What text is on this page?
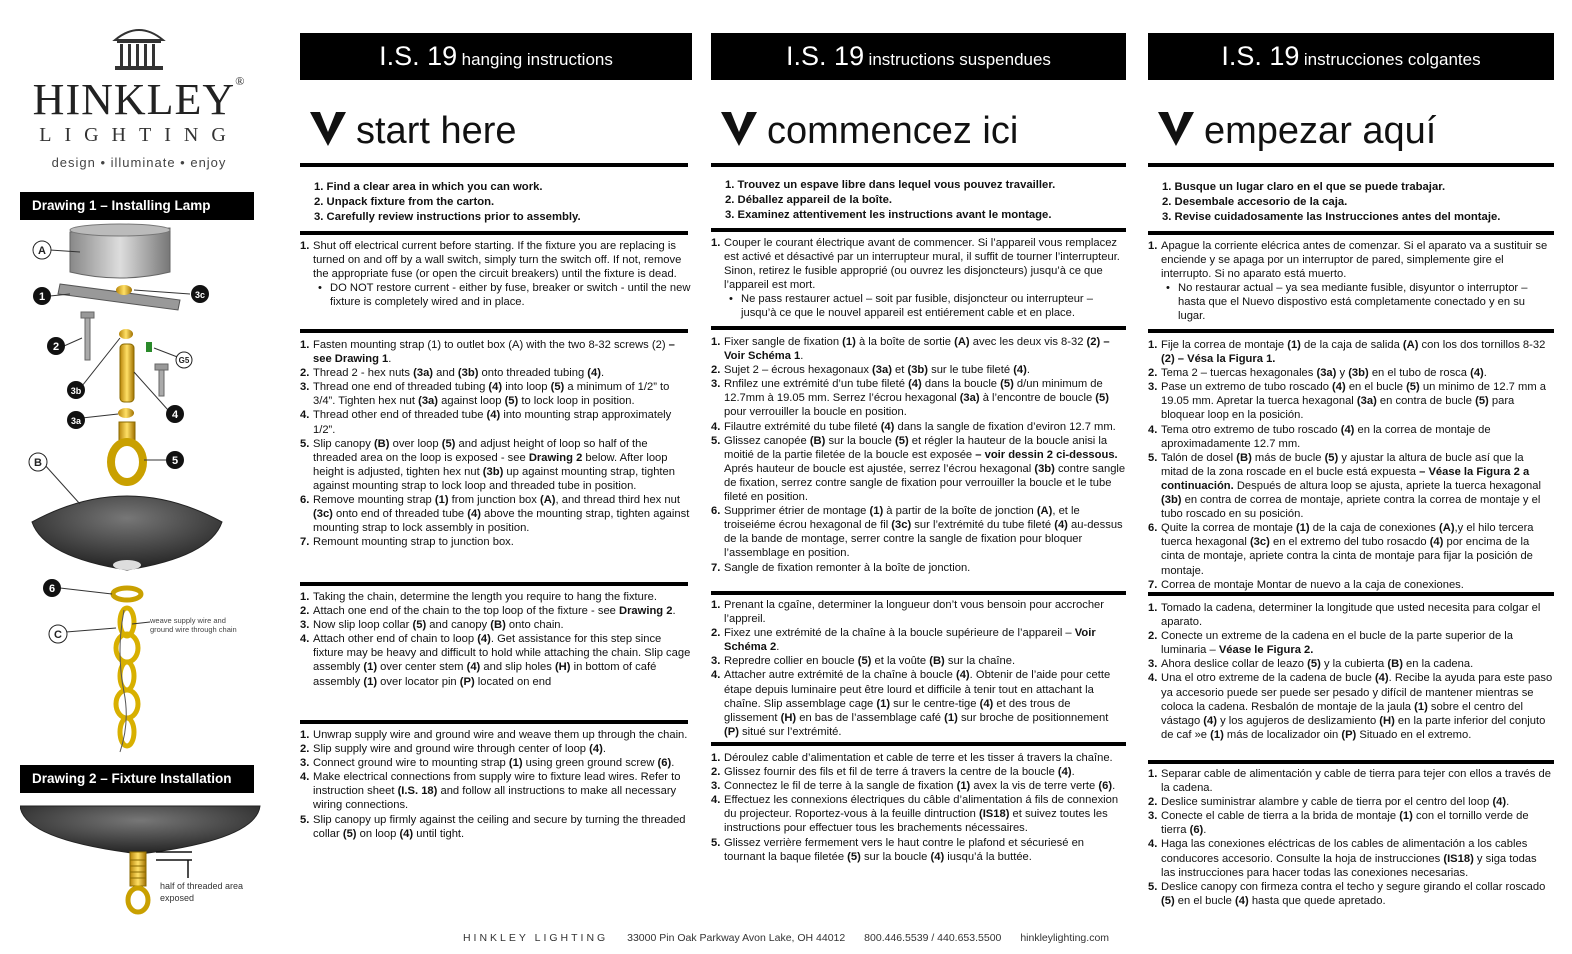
HINKLEY®
LIGHTING
design • illuminate • enjoy
Drawing 1 – Installing Lamp
A
1	3c
2
G5
3b
4
3a
5
B
6
C
weave supply wire and ground wire through chain
Drawing 2 – Fixture Installation
half of threaded area exposed
I.S. 19 hanging instructions
start here
1. Find a clear area in which you can work.
2. Unpack fixture from the carton.
3. Carefully review instructions prior to assembly.
1. Shut off electrical current before starting. If the fixture you are replacing is turned on and off by a wall switch, simply turn the switch off. If not, remove the appropriate fuse (or open the circuit breakers) until the fixture is dead.
• DO NOT restore current - either by fuse, breaker or switch - until the new fixture is completely wired and in place.
1. Fasten mounting strap (1) to outlet box (A) with the two 8-32 screws (2) – see Drawing 1.
2. Thread 2 - hex nuts (3a) and (3b) onto threaded tubing (4).
3. Thread one end of threaded tubing (4) into loop (5) a minimum of 1/2” to 3/4”. Tighten hex nut (3a) against loop (5) to lock loop in position.
4. Thread other end of threaded tube (4) into mounting strap approximately 1/2”.
5. Slip canopy (B) over loop (5) and adjust height of loop so half of the threaded area on the loop is exposed - see Drawing 2 below. After loop height is adjusted, tighten hex nut (3b) up against mounting strap, tighten against mounting strap to lock loop and threaded tube in position.
6. Remove mounting strap (1) from junction box (A), and thread third hex nut (3c) onto end of threaded tube (4) above the mounting strap, tighten against mounting strap to lock assembly in position.
7. Remount mounting strap to junction box.
1. Taking the chain, determine the length you require to hang the fixture.
2. Attach one end of the chain to the top loop of the fixture - see Drawing 2.
3. Now slip loop collar (5) and canopy (B) onto chain.
4. Attach other end of chain to loop (4). Get assistance for this step since fixture may be heavy and difficult to hold while attaching the chain. Slip cage assembly (1) over center stem (4) and slip holes (H) in bottom of café assembly (1) over locator pin (P) located on end
1. Unwrap supply wire and ground wire and weave them up through the chain.
2. Slip supply wire and ground wire through center of loop (4).
3. Connect ground wire to mounting strap (1) using green ground screw (6).
4. Make electrical connections from supply wire to fixture lead wires. Refer to instruction sheet (I.S. 18) and follow all instructions to make all necessary wiring connections.
5. Slip canopy up firmly against the ceiling and secure by turning the threaded collar (5) on loop (4) until tight.
I.S. 19 instructions suspendues
commencez ici
1. Trouvez un espave libre dans lequel vous pouvez travailler.
2. Déballez appareil de la boîte.
3. Examinez attentivement les instructions avant le montage.
1. Couper le courant électrique avant de commencer. Si l’appareil vous remplacez est activé et désactivé par un interrupteur mural, il suffit de tourner l’interrupteur. Sinon, retirez le fusible approprié (ou ouvrez les disjoncteurs) jusqu’à ce que l’appareil est mort.
• Ne pass restaurer actuel – soit par fusible, disjoncteur ou interrupteur – jusqu’à ce que le nouvel appareil est entiérement cable et en place.
1. Fixer sangle de fixation (1) à la boîte de sortie (A) avec les deux vis 8-32 (2) – Voir Schéma 1.
2. Sujet 2 – écrous hexagonaux (3a) et (3b) sur le tube fileté (4).
3. Rnfilez une extrémité d’un tube fileté (4) dans la boucle (5) d/un minimum de 12.7mm à 19.05 mm. Serrez l’écrou hexagonal (3a) à l’encontre de boucle (5) pour verrouiller la boucle en position.
4. Filautre extrémité du tube fileté (4) dans la sangle de fixation d’eviron 12.7 mm.
5. Glissez canopée (B) sur la boucle (5) et régler la hauteur de la boucle anisi la moitié de la partie filetée de la boucle est exposée – voir dessin 2 ci-dessous. Aprés hauteur de boucle est ajustée, serrez l’écrou hexagonal (3b) contre sangle de fixation, serrez contre sangle de fixation pour verrouiller la boucle et le tube fileté en position.
6. Supprimer étrier de montage (1) à partir de la boîte de jonction (A), et le troiseiéme écrou hexagonal de fil (3c) sur l’extrémité du tube fileté (4) au-dessus de la bande de montage, serrer contre la sangle de fixation pour bloquer l’assemblage en position.
7. Sangle de fixation remonter à la boîte de jonction.
1. Prenant la cgaîne, determiner la longueur don’t vous bensoin pour accrocher l’appreil.
2. Fixez une extrémité de la chaîne à la boucle supérieure de l’appareil – Voir Schéma 2.
3. Repredre collier en boucle (5) et la voûte (B) sur la chaîne.
4. Attacher autre extrémité de la chaîne à boucle (4). Obtenir de l’aide pour cette étape depuis luminaire peut être lourd et difficile à tenir tout en attachant la chaîne. Slip assemblage cage (1) sur le centre-tige (4) et des trous de glissement (H) en bas de l’assemblage café (1) sur broche de positionnement (P) situé sur l’extrémité.
1. Déroulez cable d’alimentation et cable de terre et les tisser á travers la chaîne.
2. Glissez fournir des fils et fil de terre á travers la centre de la boucle (4).
3. Connectez le fil de terre à la sangle de fixation (1) avex la vis de terre verte (6).
4. Effectuez les connexions électriques du câble d’alimentation á fils de connexion du projecteur. Roportez-vous à la feuille dintruction (IS18) et suivez toutes les instructions pour effectuer tous les brachements nécessaires.
5. Glissez verrière fermement vers le haut contre le plafond et sécuriesé en tournant la baque filetée (5) sur la boucle (4) iusqu’á la buttée.
I.S. 19 instrucciones colgantes
empezar aquí
1. Busque un lugar claro en el que se puede trabajar.
2. Desembale accesorio de la caja.
3. Revise cuidadosamente las Instrucciones antes del montaje.
1. Apague la corriente elécrica antes de comenzar. Si el aparato va a sustituir se enciende y se apaga por un interruptor de pared, simplemente gire el interrupto. Si no aparato está muerto.
• No restaurar actual – ya sea mediante fusible, disyuntor o interruptor – hasta que el Nuevo dispostivo está completamente conectado y en su lugar.
1. Fije la correa de montaje (1) de la caja de salida (A) con los dos tornillos 8-32 (2) – Vésa la Figura 1.
2. Tema 2 – tuercas hexagonales (3a) y (3b) en el tubo de rosca (4).
3. Pase un extremo de tubo roscado (4) en el bucle (5) un minimo de 12.7 mm a 19.05 mm. Apretar la tuerca hexagonal (3a) en contra de bucle (5) para bloquear loop en la posición.
4. Tema otro extremo de tubo roscado (4) en la correa de montaje de aproximadamente 12.7 mm.
5. Talón de dosel (B) más de bucle (5) y ajustar la altura de bucle así que la mitad de la zona roscade en el bucle está expuesta – Véase la Figura 2 a continuación. Después de altura loop se ajusta, apriete la tuerca hexagonal (3b) en contra de correa de montaje, apriete contra la correa de montaje y el tubo roscado en su posición.
6. Quite la correa de montaje (1) de la caja de conexiones (A),y el hilo tercera tuerca hexagonal (3c) en el extremo del tubo rosacdo (4) por encima de la cinta de montaje, apriete contra la cinta de montaje para fijar la posición de montaje.
7. Correa de montaje Montar de nuevo a la caja de conexiones.
1. Tomado la cadena, determiner la longitude que usted necesita para colgar el aparato.
2. Conecte un extreme de la cadena en el bucle de la parte superior de la luminaria – Véase le Figura 2.
3. Ahora deslice collar de leazo (5) y la cubierta (B) en la cadena.
4. Una el otro extreme de la cadena de bucle (4). Recibe la ayuda para este paso ya accesorio puede ser puede ser pesado y difícil de mantener mientras se coloca la cadena. Resbalón de montaje de la jaula (1) sobre el centro del vástago (4) y los agujeros de deslizamiento (H) en la parte inferior del conjuto de caf »e (1) más de localizador oin (P) Situado en el extremo.
1. Separar cable de alimentación y cable de tierra para tejer con ellos a través de la cadena.
2. Deslice suministrar alambre y cable de tierra por el centro del loop (4).
3. Conecte el cable de tierra a la brida de montaje (1) con el tornillo verde de tierra (6).
4. Haga las conexiones eléctricas de los cables de alimentación a los cables conducores accesorio. Consulte la hoja de instrucciones (IS18) y siga todas las instrucciones para hacer todas las conexiones necesarias.
5. Deslice canopy con firmeza contra el techo y segure girando el collar roscado (5) en el bucle (4) hasta que quede apretado.
HINKLEY LIGHTING 33000 Pin Oak Parkway Avon Lake, OH 44012 800.446.5539 / 440.653.5500 hinkleylighting.com
